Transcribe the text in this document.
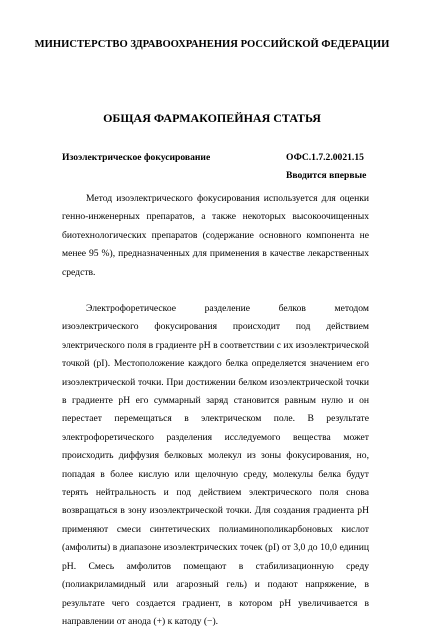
МИНИСТЕРСТВО ЗДРАВООХРАНЕНИЯ РОССИЙСКОЙ ФЕДЕРАЦИИ
ОБЩАЯ ФАРМАКОПЕЙНАЯ СТАТЬЯ
Изоэлектрическое фокусирование	ОФС.1.7.2.0021.15
Вводится впервые

Метод изоэлектрического фокусирования используется для оценки генно-инженерных препаратов, а также некоторых высокоочищенных биотехнологических препаратов (содержание основного компонента не менее 95 %), предназначенных для применения в качестве лекарственных средств.

Электрофоретическое разделение белков методом изоэлектрического фокусирования происходит под действием электрического поля в градиенте pH в соответствии с их изоэлектрической точкой (pI). Местоположение каждого белка определяется значением его изоэлектрической точки. При достижении белком изоэлектрической точки в градиенте pH его суммарный заряд становится равным нулю и он перестает перемещаться в электрическом поле. В результате электрофоретического разделения исследуемого вещества может происходить диффузия белковых молекул из зоны фокусирования, но, попадая в более кислую или щелочную среду, молекулы белка будут терять нейтральность и под действием электрического поля снова возвращаться в зону изоэлектрической точки. Для создания градиента pH применяют смеси синтетических полиаминополикарбоновых кислот (амфолиты) в диапазоне изоэлектрических точек (pI) от 3,0 до 10,0 единиц pH. Смесь амфолитов помещают в стабилизационную среду (полиакриламидный или агарозный гель) и подают напряжение, в результате чего создается градиент, в котором pH увеличивается в направлении от анода (+) к катоду (−).
